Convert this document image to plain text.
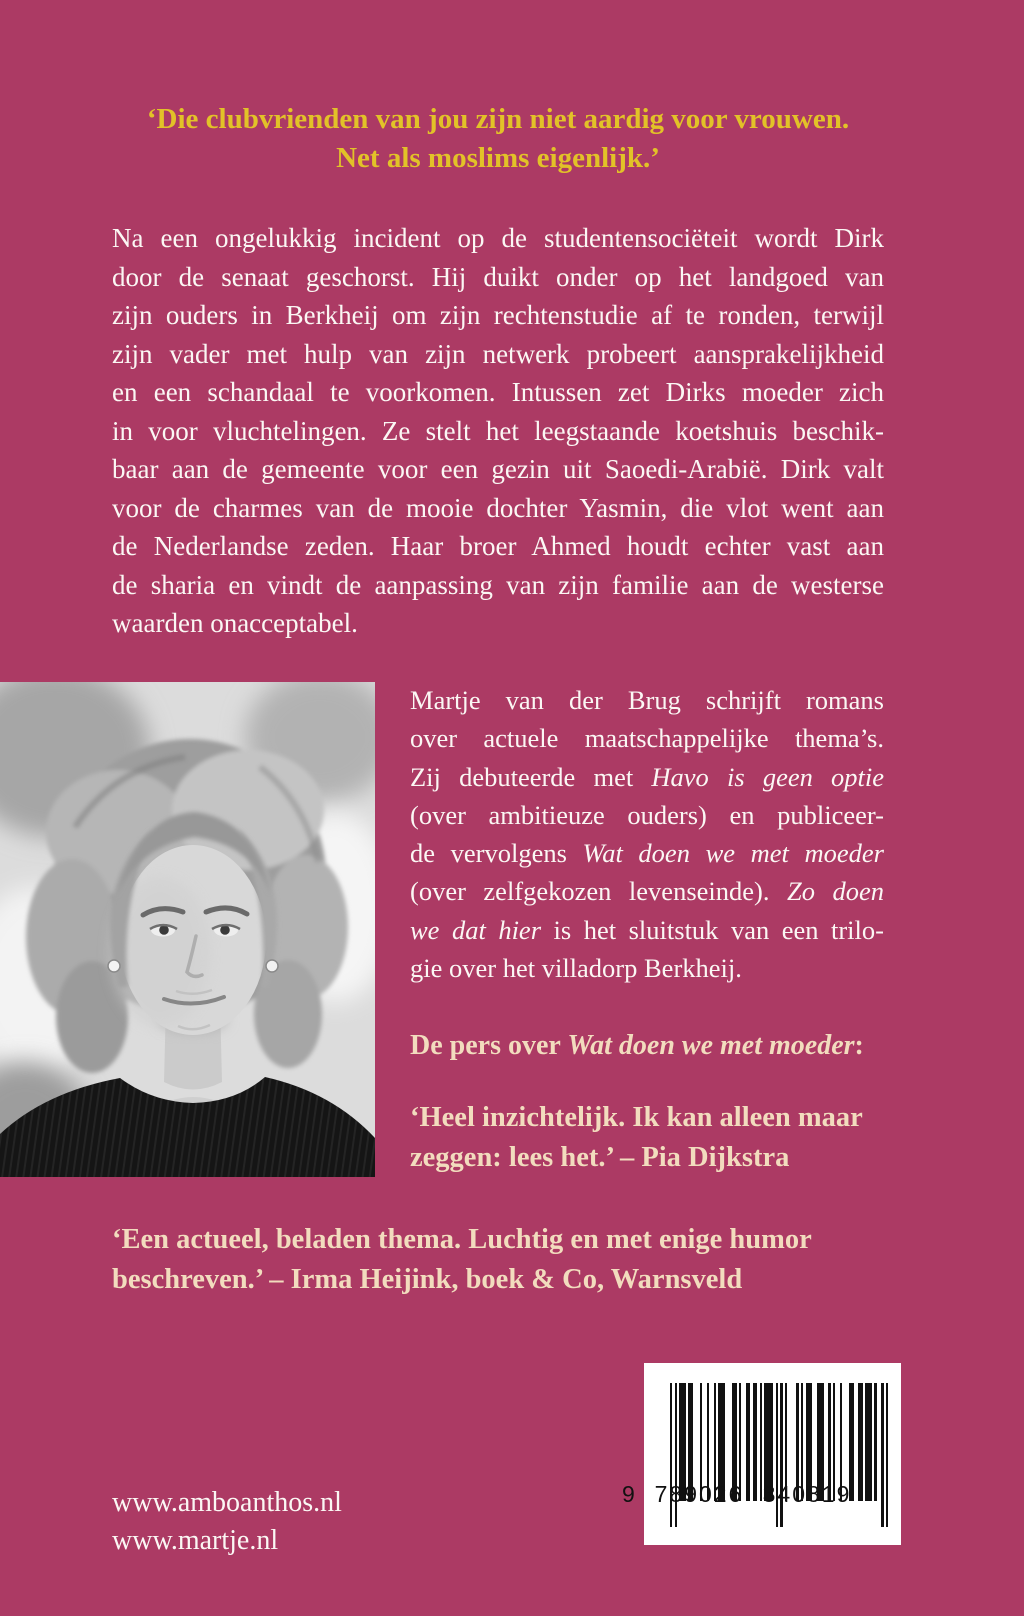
‘Die clubvrienden van jou zijn niet aardig voor vrouwen.
Net als moslims eigenlijk.’
Na een ongelukkig incident op de studentensociëteit wordt Dirk
door de senaat geschorst. Hij duikt onder op het landgoed van
zijn ouders in Berkheij om zijn rechtenstudie af te ronden, terwijl
zijn vader met hulp van zijn netwerk probeert aansprakelijkheid
en een schandaal te voorkomen. Intussen zet Dirks moeder zich
in voor vluchtelingen. Ze stelt het leegstaande koetshuis beschik-
baar aan de gemeente voor een gezin uit Saoedi-Arabië. Dirk valt
voor de charmes van de mooie dochter Yasmin, die vlot went aan
de Nederlandse zeden. Haar broer Ahmed houdt echter vast aan
de sharia en vindt de aanpassing van zijn familie aan de westerse
waarden onacceptabel.
Martje van der Brug schrijft romans
over actuele maatschappelijke thema’s.
Zij debuteerde met Havo is geen optie
(over ambitieuze ouders) en publiceer-
de vervolgens Wat doen we met moeder
(over zelfgekozen levenseinde). Zo doen
we dat hier is het sluitstuk van een trilo-
gie over het villadorp Berkheij.
De pers over Wat doen we met moeder:
‘Heel inzichtelijk. Ik kan alleen maar
zeggen: lees het.’ – Pia Dijkstra
‘Een actueel, beladen thema. Luchtig en met enige humor
beschreven.’ – Irma Heijink, boek & Co, Warnsveld
www.amboanthos.nl
www.martje.nl
9 789026 340819
